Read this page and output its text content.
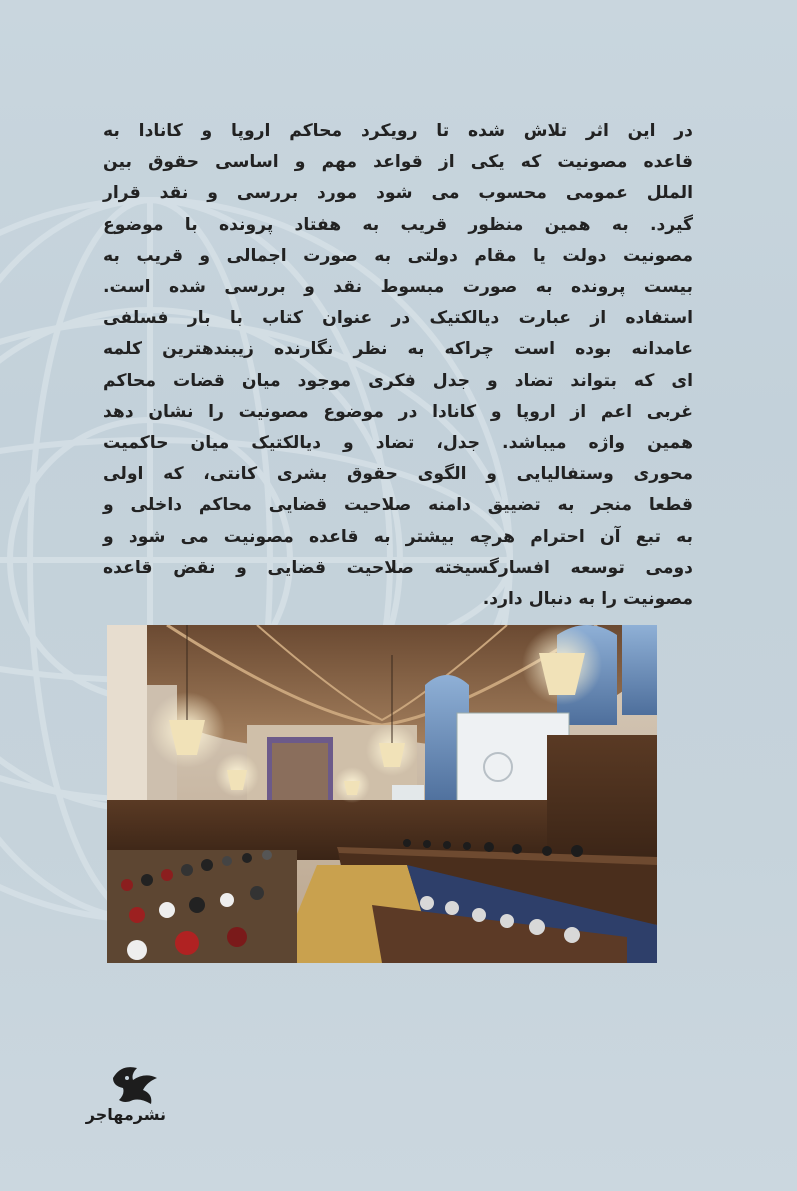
در این اثر تلاش شده تا رویکرد محاکم اروپا و کانادا به
قاعده مصونیت که یکی از قواعد مهم و اساسی حقوق بین
الملل عمومی محسوب می شود مورد بررسی و نقد قرار
گیرد. به همین منظور قریب به هفتاد پرونده با موضوع
مصونیت دولت یا مقام دولتی به صورت اجمالی و قریب به
بیست پرونده به صورت مبسوط نقد و بررسی شده است.
استفاده از عبارت دیالکتیک در عنوان کتاب با بار فسلفی
عامدانه بوده است چراکه به نظر نگارنده زیبندهترین کلمه
ای که بتواند تضاد و جدل فکری موجود میان قضات محاکم
غربی اعم از اروپا و کانادا در موضوع مصونیت را نشان دهد
همین واژه میباشد. جدل، تضاد و دیالکتیک میان حاکمیت
محوری وستفالیایی و الگوی حقوق بشری کانتی، که اولی
قطعا منجر به تضییق دامنه صلاحیت قضایی محاکم داخلی و
به تبع آن احترام هرچه بیشتر به قاعده مصونیت می شود و
دومی توسعه افسارگسیخته صلاحیت قضایی و نقض قاعده
مصونیت را به دنبال دارد.
نشرمهاجر
